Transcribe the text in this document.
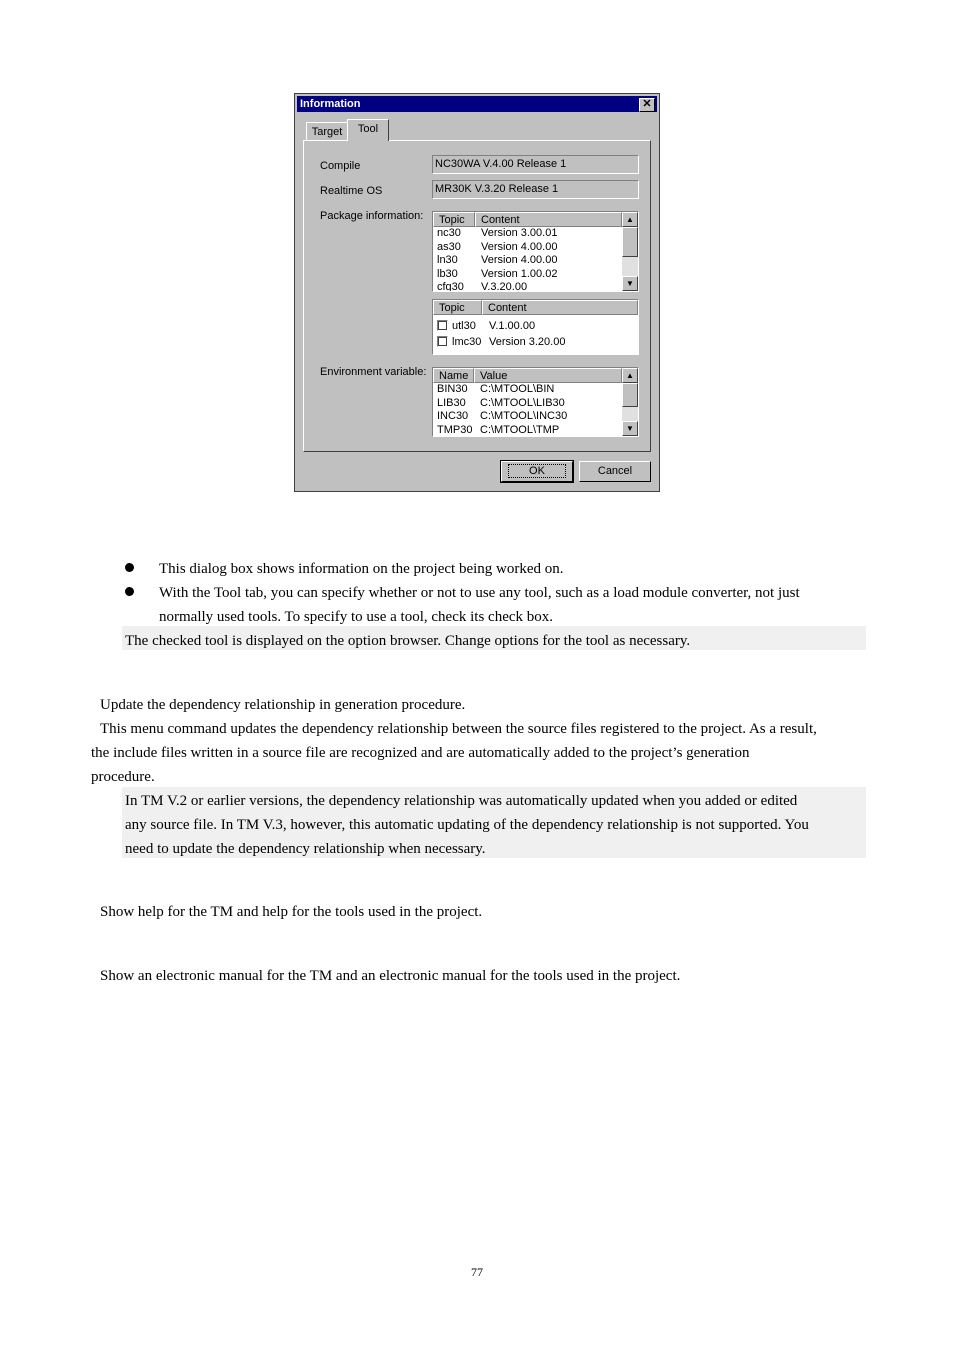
Information	✕
Target	Tool
Compile	NC30WA V.4.00 Release 1
Realtime OS	MR30K V.3.20 Release 1
Package information:	Topic	Content
nc30 Version 3.00.01
as30 Version 4.00.00
ln30 Version 4.00.00
lb30 Version 1.00.02
cfg30 V.3.20.00
▲
▼
Topic	Content
utl30 V.1.00.00
lmc30 Version 3.20.00
Environment variable:	Name	Value
BIN30 C:\MTOOL\BIN
LIB30 C:\MTOOL\LIB30
INC30 C:\MTOOL\INC30
TMP30 C:\MTOOL\TMP
▲
▼
OK	Cancel
This dialog box shows information on the project being worked on.
With the Tool tab, you can specify whether or not to use any tool, such as a load module converter, not just
normally used tools. To specify to use a tool, check its check box.
The checked tool is displayed on the option browser. Change options for the tool as necessary.
Update the dependency relationship in generation procedure.
This menu command updates the dependency relationship between the source files registered to the project. As a result,
the include files written in a source file are recognized and are automatically added to the project’s generation
procedure.
In TM V.2 or earlier versions, the dependency relationship was automatically updated when you added or edited
any source file. In TM V.3, however, this automatic updating of the dependency relationship is not supported. You
need to update the dependency relationship when necessary.
Show help for the TM and help for the tools used in the project.
Show an electronic manual for the TM and an electronic manual for the tools used in the project.
77
